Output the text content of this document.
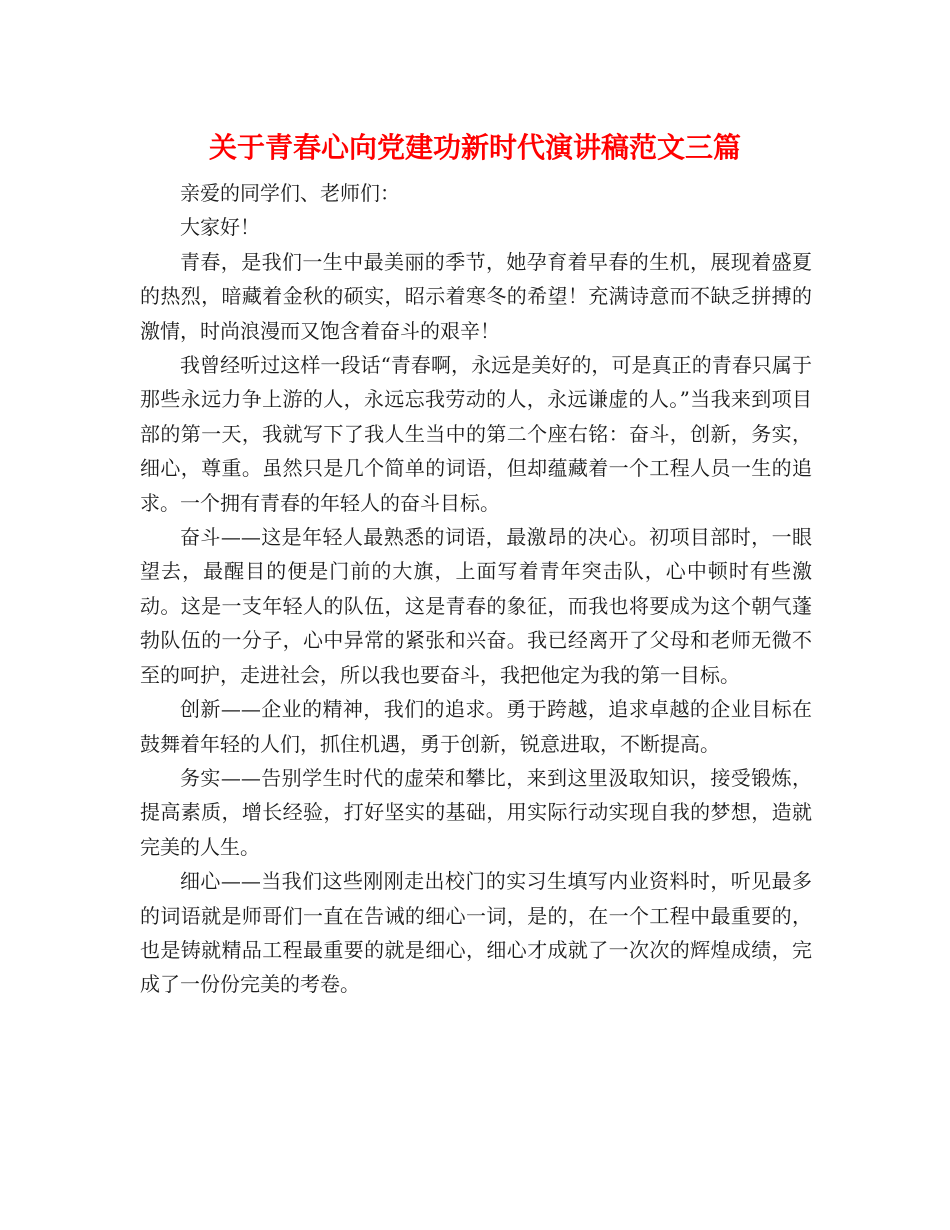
关于青春心向党建功新时代演讲稿范文三篇

亲爱的同学们、老师们：

大家好！

青春，是我们一生中最美丽的季节，她孕育着早春的生机，展现着盛夏的热烈，暗藏着金秋的硕实，昭示着寒冬的希望！充满诗意而不缺乏拼搏的激情，时尚浪漫而又饱含着奋斗的艰辛！

我曾经听过这样一段话“青春啊，永远是美好的，可是真正的青春只属于那些永远力争上游的人，永远忘我劳动的人，永远谦虚的人。”当我来到项目部的第一天，我就写下了我人生当中的第二个座右铭：奋斗，创新，务实，细心，尊重。虽然只是几个简单的词语，但却蕴藏着一个工程人员一生的追求。一个拥有青春的年轻人的奋斗目标。

奋斗——这是年轻人最熟悉的词语，最激昂的决心。初项目部时，一眼望去，最醒目的便是门前的大旗，上面写着青年突击队，心中顿时有些激动。这是一支年轻人的队伍，这是青春的象征，而我也将要成为这个朝气蓬勃队伍的一分子，心中异常的紧张和兴奋。我已经离开了父母和老师无微不至的呵护，走进社会，所以我也要奋斗，我把他定为我的第一目标。

创新——企业的精神，我们的追求。勇于跨越，追求卓越的企业目标在鼓舞着年轻的人们，抓住机遇，勇于创新，锐意进取，不断提高。

务实——告别学生时代的虚荣和攀比，来到这里汲取知识，接受锻炼，提高素质，增长经验，打好坚实的基础，用实际行动实现自我的梦想，造就完美的人生。

细心——当我们这些刚刚走出校门的实习生填写内业资料时，听见最多的词语就是师哥们一直在告诫的细心一词，是的，在一个工程中最重要的，也是铸就精品工程最重要的就是细心，细心才成就了一次次的辉煌成绩，完成了一份份完美的考卷。
